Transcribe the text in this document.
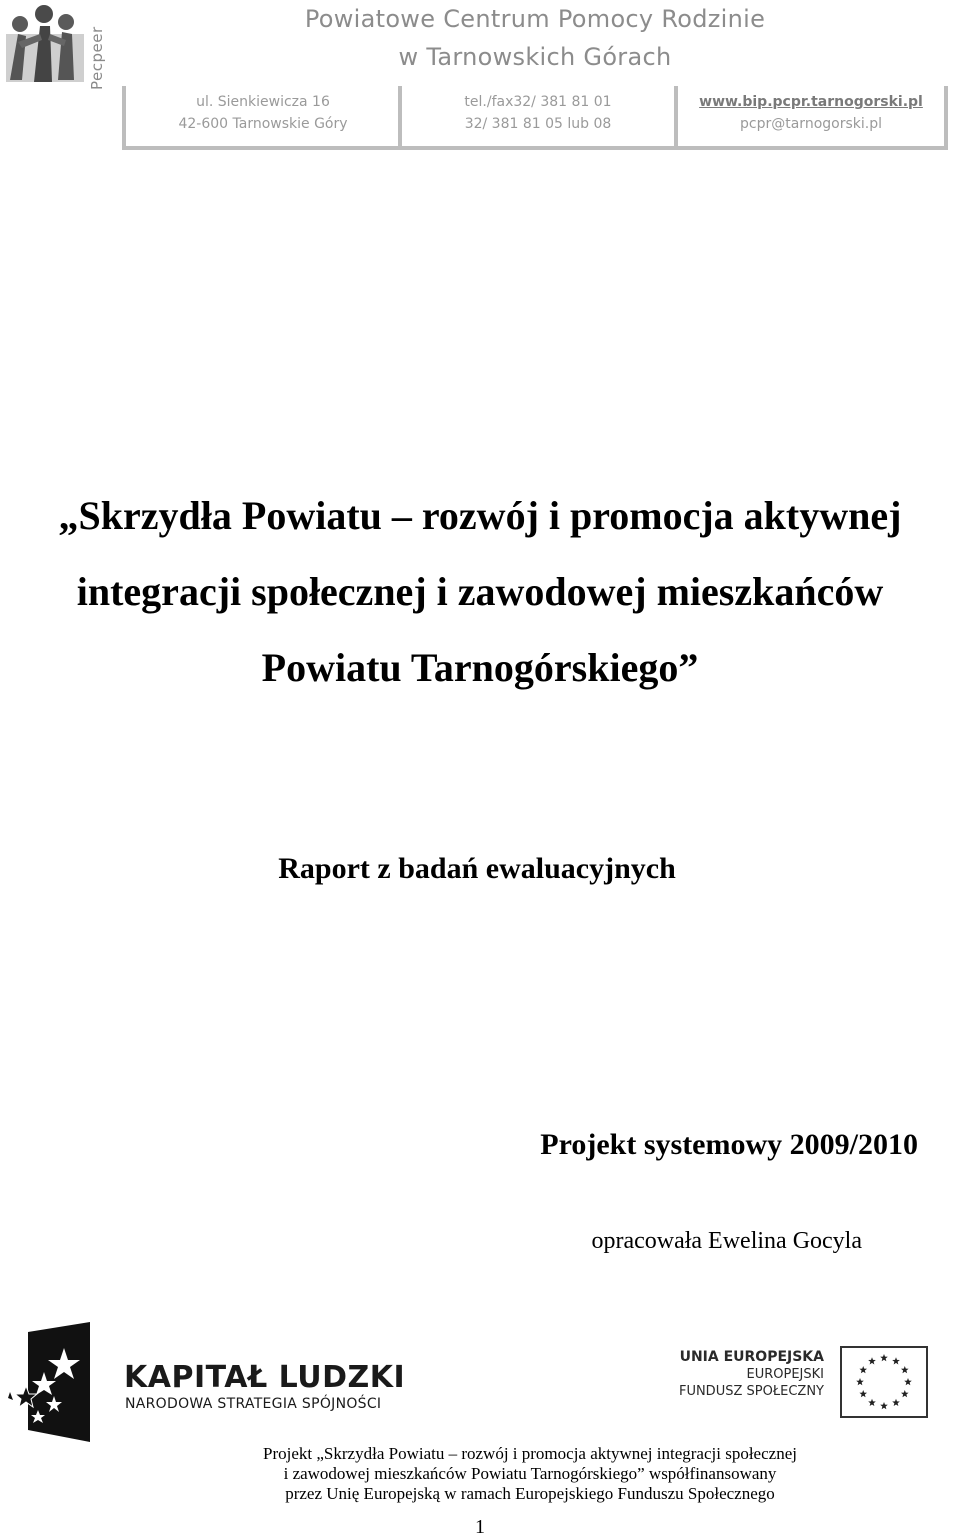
Pecpeer
Powiatowe Centrum Pomocy Rodzinie
w Tarnowskich Górach
ul. Sienkiewicza 16
42-600 Tarnowskie Góry
tel./fax32/ 381 81 01
32/ 381 81 05 lub 08
www.bip.pcpr.tarnogorski.pl
pcpr@tarnogorski.pl
„Skrzydła Powiatu – rozwój i promocja aktywnej
integracji społecznej i zawodowej mieszkańców
Powiatu Tarnogórskiego”
Raport z badań ewaluacyjnych
Projekt systemowy 2009/2010
opracowała Ewelina Gocyla
KAPITAŁ LUDZKI
NARODOWA STRATEGIA SPÓJNOŚCI
UNIA EUROPEJSKA
EUROPEJSKI
FUNDUSZ SPOŁECZNY
Projekt „Skrzydła Powiatu – rozwój i promocja aktywnej integracji społecznej
i zawodowej mieszkańców Powiatu Tarnogórskiego” współfinansowany
przez Unię Europejską w ramach Europejskiego Funduszu Społecznego
1
